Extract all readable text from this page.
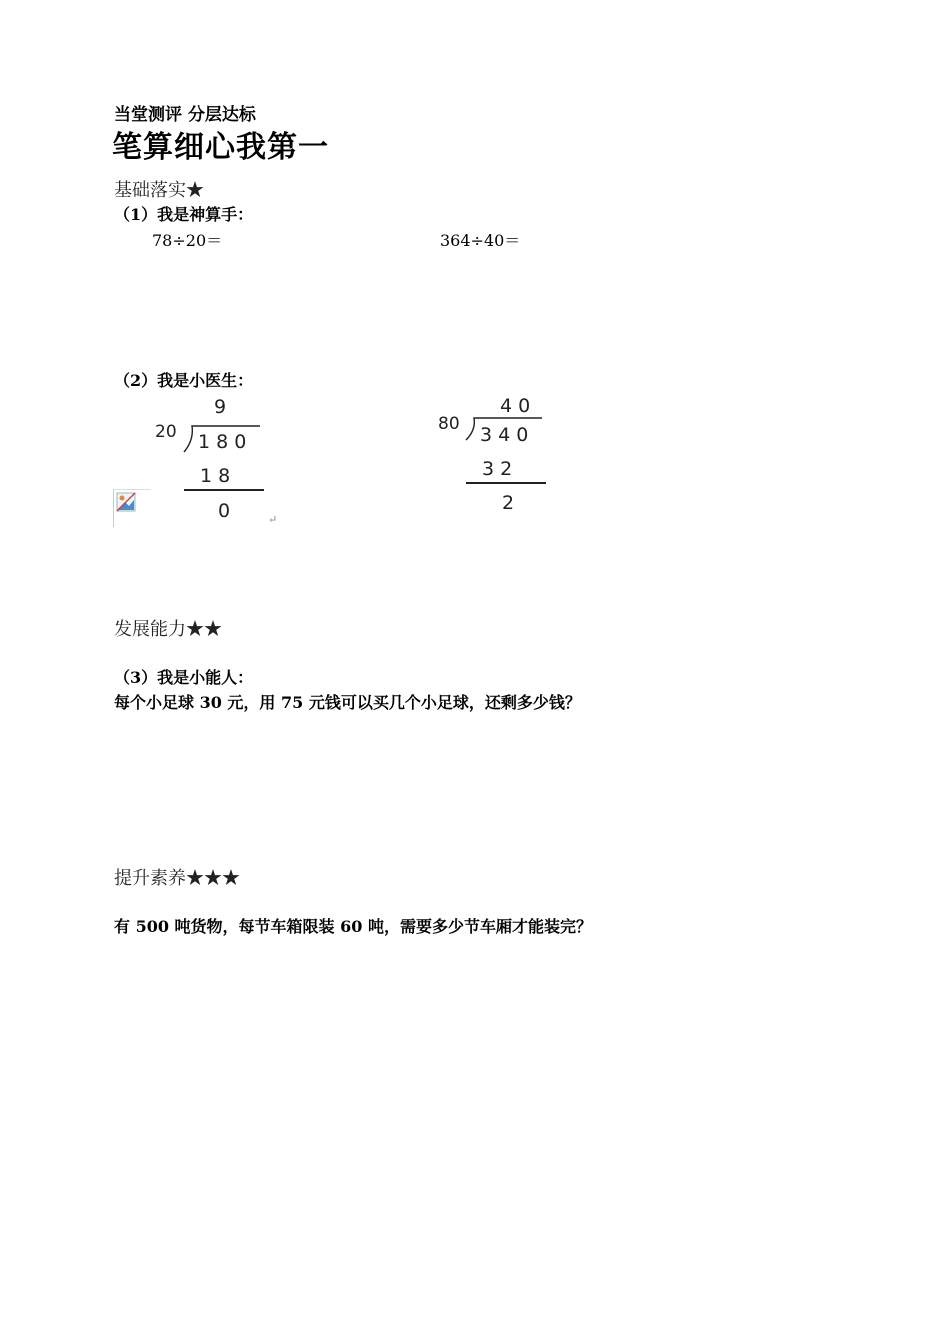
当堂测评 分层达标
笔算细心我第一
基础落实★
（1）我是神算手：
78÷20＝	364÷40＝
（2）我是小医生：
9
20 1 8 0
1 8
0	↵
4 0
80 3 4 0
3 2
2
发展能力★★
（3）我是小能人：
每个小足球 30 元，用 75 元钱可以买几个小足球，还剩多少钱？
提升素养★★★
有 500 吨货物，每节车箱限装 60 吨，需要多少节车厢才能装完？
